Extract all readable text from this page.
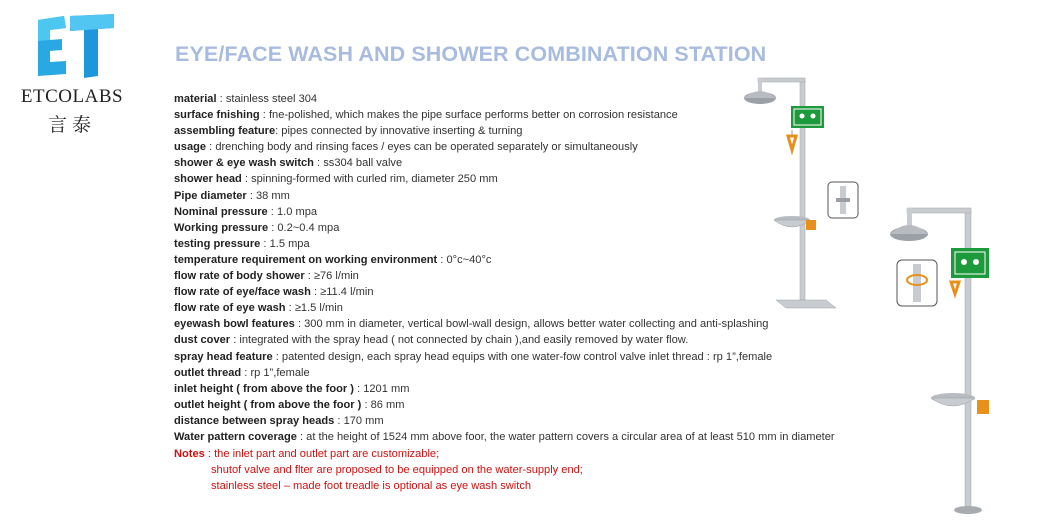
ETCOLABS
言泰
EYE/FACE WASH AND SHOWER COMBINATION STATION
material : stainless steel 304
surface fnishing : fne-polished, which makes the pipe surface performs better on corrosion resistance
assembling feature: pipes connected by innovative inserting & turning
usage : drenching body and rinsing faces / eyes can be operated separately or simultaneously
shower & eye wash switch : ss304 ball valve
shower head : spinning-formed with curled rim, diameter 250 mm
Pipe diameter : 38 mm
Nominal pressure : 1.0 mpa
Working pressure : 0.2~0.4 mpa
testing pressure : 1.5 mpa
temperature requirement on working environment : 0°c~40°c
flow rate of body shower : ≥76 l/min
flow rate of eye/face wash : ≥11.4 l/min
flow rate of eye wash : ≥1.5 l/min
eyewash bowl features : 300 mm in diameter, vertical bowl-wall design, allows better water collecting and anti-splashing
dust cover : integrated with the spray head ( not connected by chain ),and easily removed by water flow.
spray head feature : patented design, each spray head equips with one water-fow control valve inlet thread : rp 1”,female
outlet thread : rp 1”,female
inlet height ( from above the foor ) : 1201 mm
outlet height ( from above the foor ) : 86 mm
distance between spray heads : 170 mm
Water pattern coverage : at the height of 1524 mm above foor, the water pattern covers a circular area of at least 510 mm in diameter
Notes : the inlet part and outlet part are customizable;
shutof valve and flter are proposed to be equipped on the water-supply end;
stainless steel – made foot treadle is optional as eye wash switch
